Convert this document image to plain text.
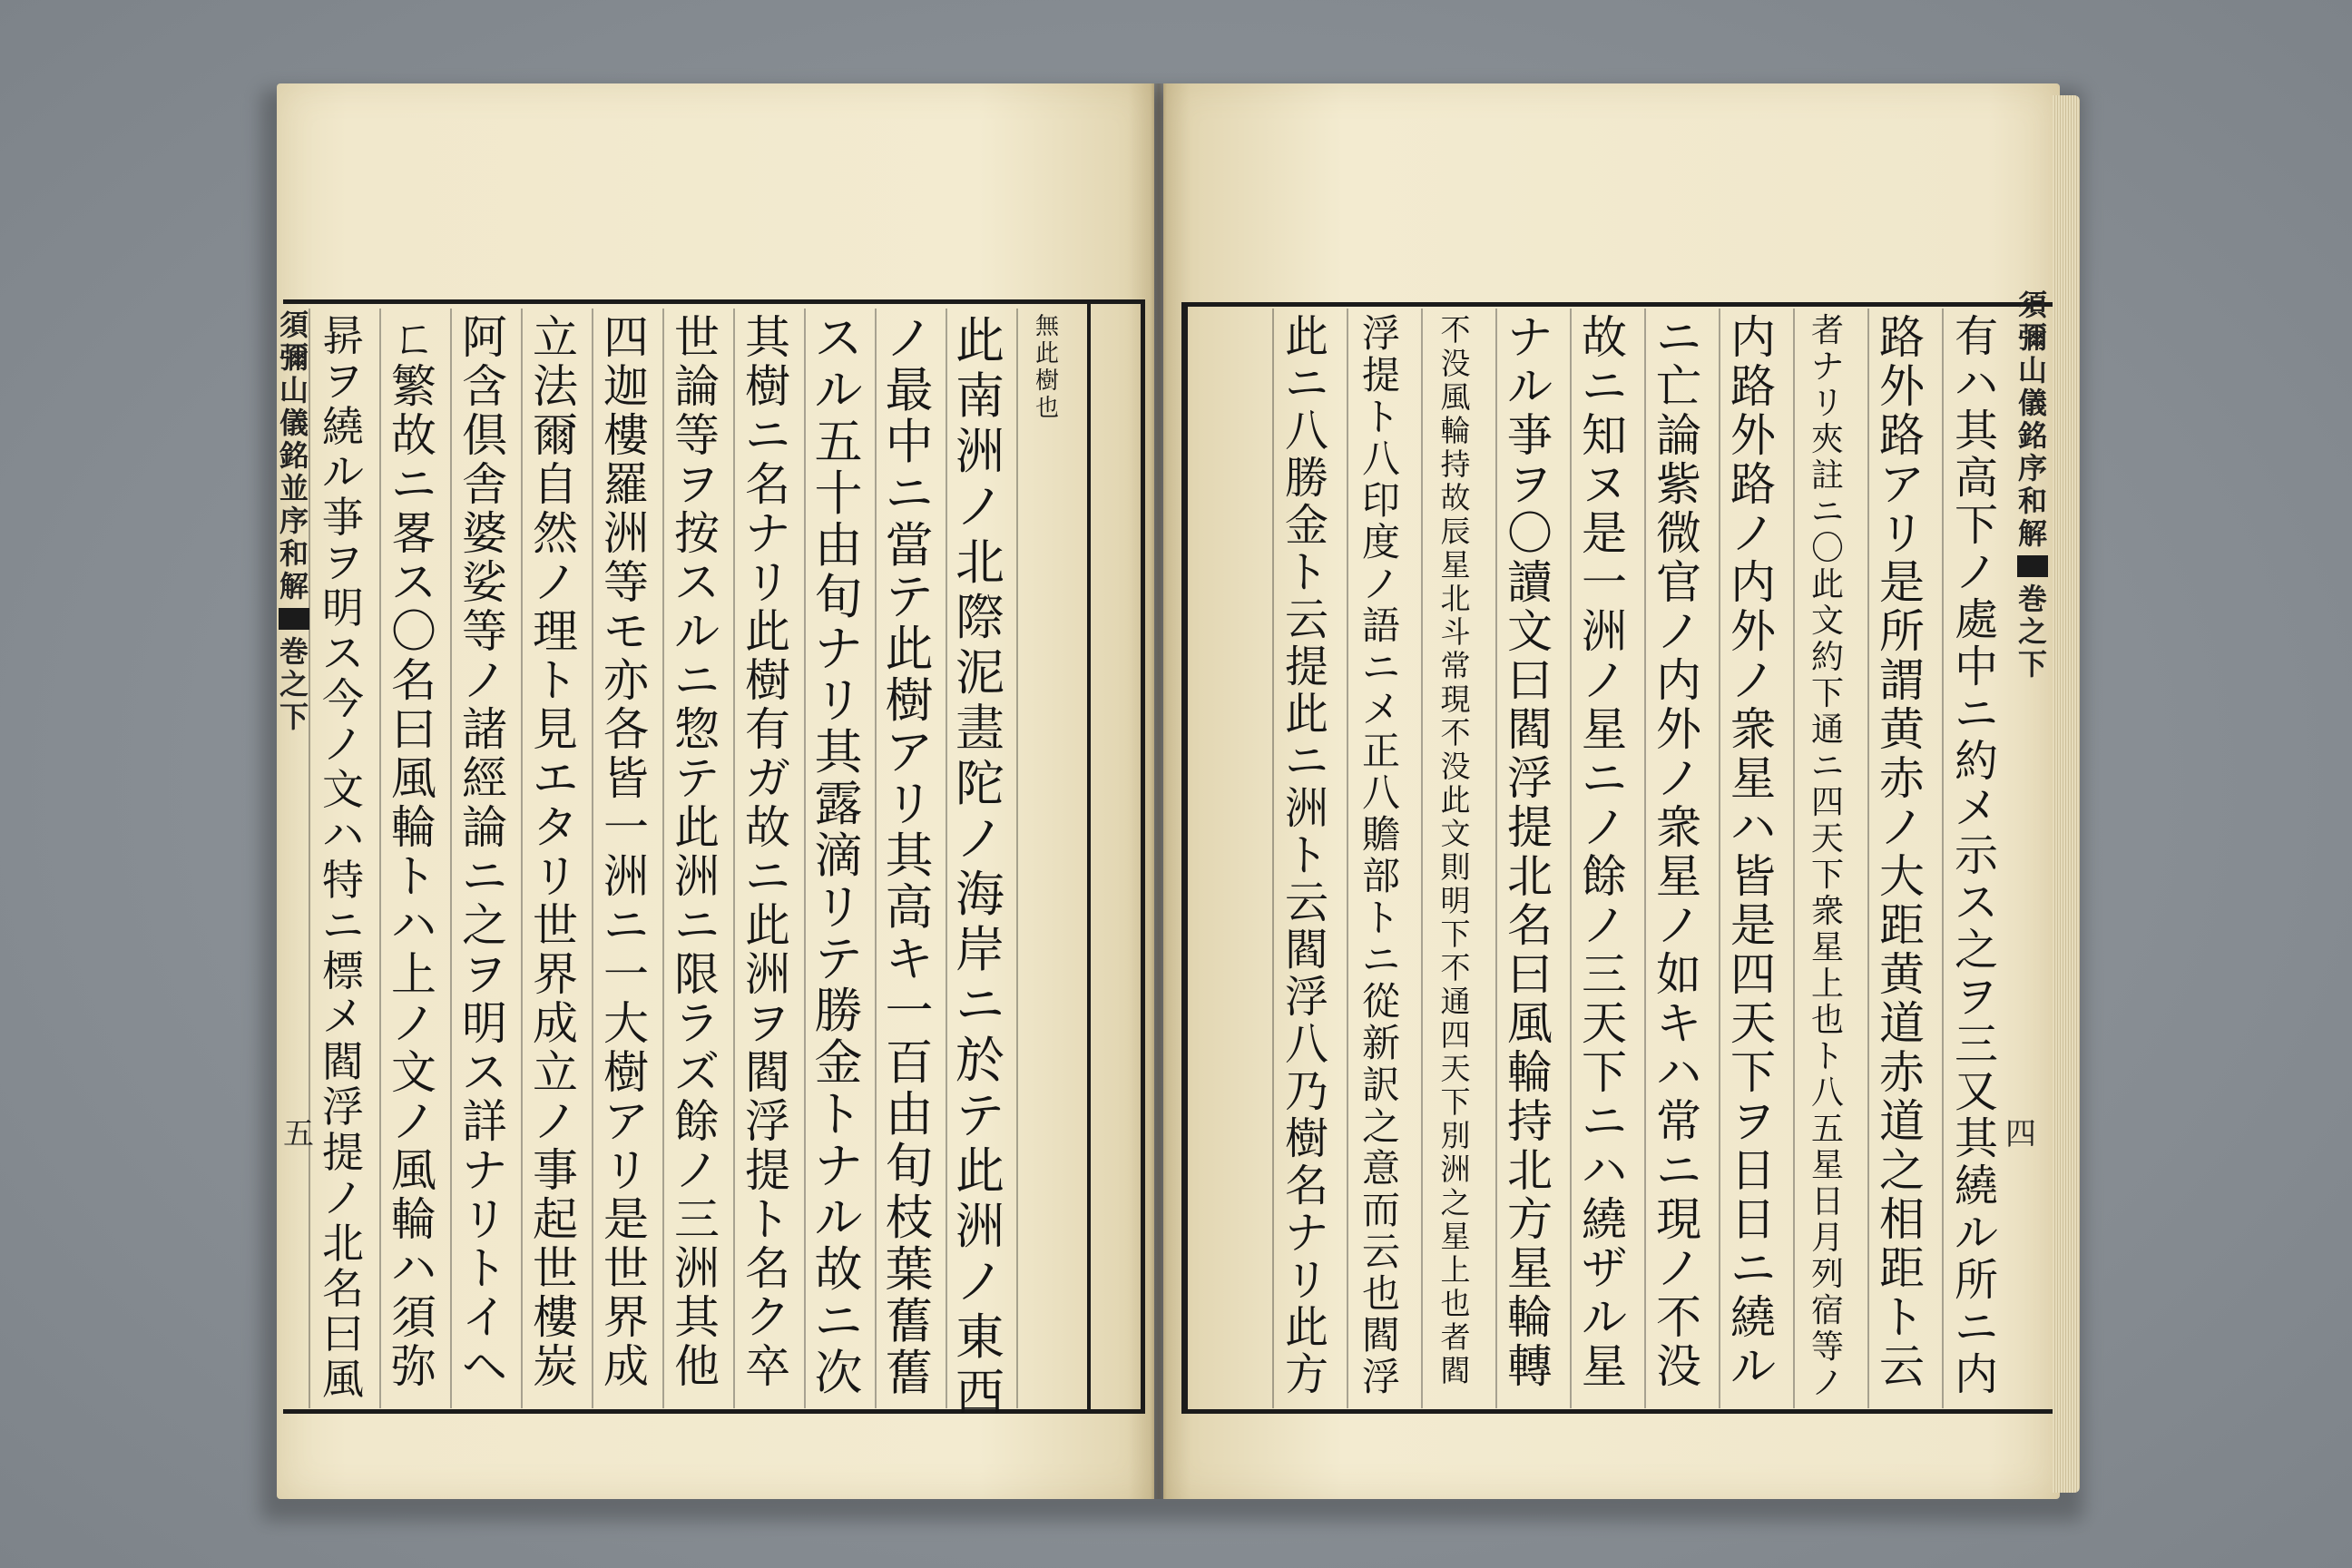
須
彌
山
儀
銘
並
序
和
解
巻
之
下
須
彌
山
儀
銘
序
和
解
巻
之
下
五	四
無
此
樹
也
此
南
洲
ノ
北
際
泥
𦘕
陀
ノ
海
岸
ニ
於
テ
此
洲
ノ
東
西
ノ
最
中
ニ
當
テ
此
樹
ア
リ
其
高
キ
一
百
由
旬
枝
葉
𦾔
𦾔
ス
ル
五
十
由
旬
ナ
リ
其
露
滴
リ
テ
勝
金
ト
ナ
ル
故
ニ
次
其
樹
ニ
名
ナ
リ
此
樹
有
ガ
故
ニ
此
洲
ヲ
閻
浮
提
ト
名
ク
卒
世
論
等
ヲ
按
ス
ル
ニ
惣
テ
此
洲
ニ
限
ラ
ズ
餘
ノ
三
洲
其
他
四
迦
樓
羅
洲
等
モ
亦
各
皆
一
洲
ニ
一
大
樹
ア
リ
是
世
界
成
立
法
爾
自
然
ノ
理
ト
見
エ
タ
リ
世
界
成
立
ノ
事
起
世
樓
炭
阿
含
倶
舎
婆
娑
等
ノ
諸
經
論
ニ
之
ヲ
明
ス
詳
ナ
リ
ト
イ
ヘ
ㄈ
繁
故
ニ
畧
ス
〇
名
曰
風
輪
ト
ハ
上
ノ
文
ノ
風
輪
ハ
須
弥
𣇄
ヲ
繞
ル
亊
ヲ
明
ス
今
ノ
文
ハ
特
ニ
標
メ
閻
浮
提
ノ
北
名
曰
風
有
ハ
其
高
下
ノ
處
中
ニ
約
メ
示
ス
之
ヲ
三
又
其
繞
ル
所
ニ
内
路
外
路
ア
リ
是
所
謂
黄
赤
ノ
大
距
黄
道
赤
道
之
相
距
ト
云
者
ナ
リ
夾
註
ニ
〇
此
文
約
下
通
ニ
四
天
下
衆
星
上
也
ト
八
五
星
日
月
列
宿
等
ノ
内
路
外
路
ノ
内
外
ノ
衆
星
ハ
皆
是
四
天
下
ヲ
日
日
ニ
繞
ル
ニ
亡
論
紫
微
官
ノ
内
外
ノ
衆
星
ノ
如
キ
ハ
常
ニ
現
ノ
不
没
故
ニ
知
ヌ
是
一
洲
ノ
星
ニ
ノ
餘
ノ
三
天
下
ニ
ハ
繞
ザ
ル
星
ナ
ル
亊
ヲ
〇
讀
文
曰
閻
浮
提
北
名
曰
風
輪
持
北
方
星
輪
轉
不
没
風
輪
持
故
辰
星
北
斗
常
現
不
没
此
文
則
明
下
不
通
四
天
下
別
洲
之
星
上
也
者
閻
浮
提
ト
八
印
度
ノ
語
ニ
メ
正
八
贍
部
ト
ニ
從
新
訳
之
意
而
云
也
閻
浮
此
ニ
八
勝
金
ト
云
提
此
ニ
洲
ト
云
閻
浮
八
乃
樹
名
ナ
リ
此
方
